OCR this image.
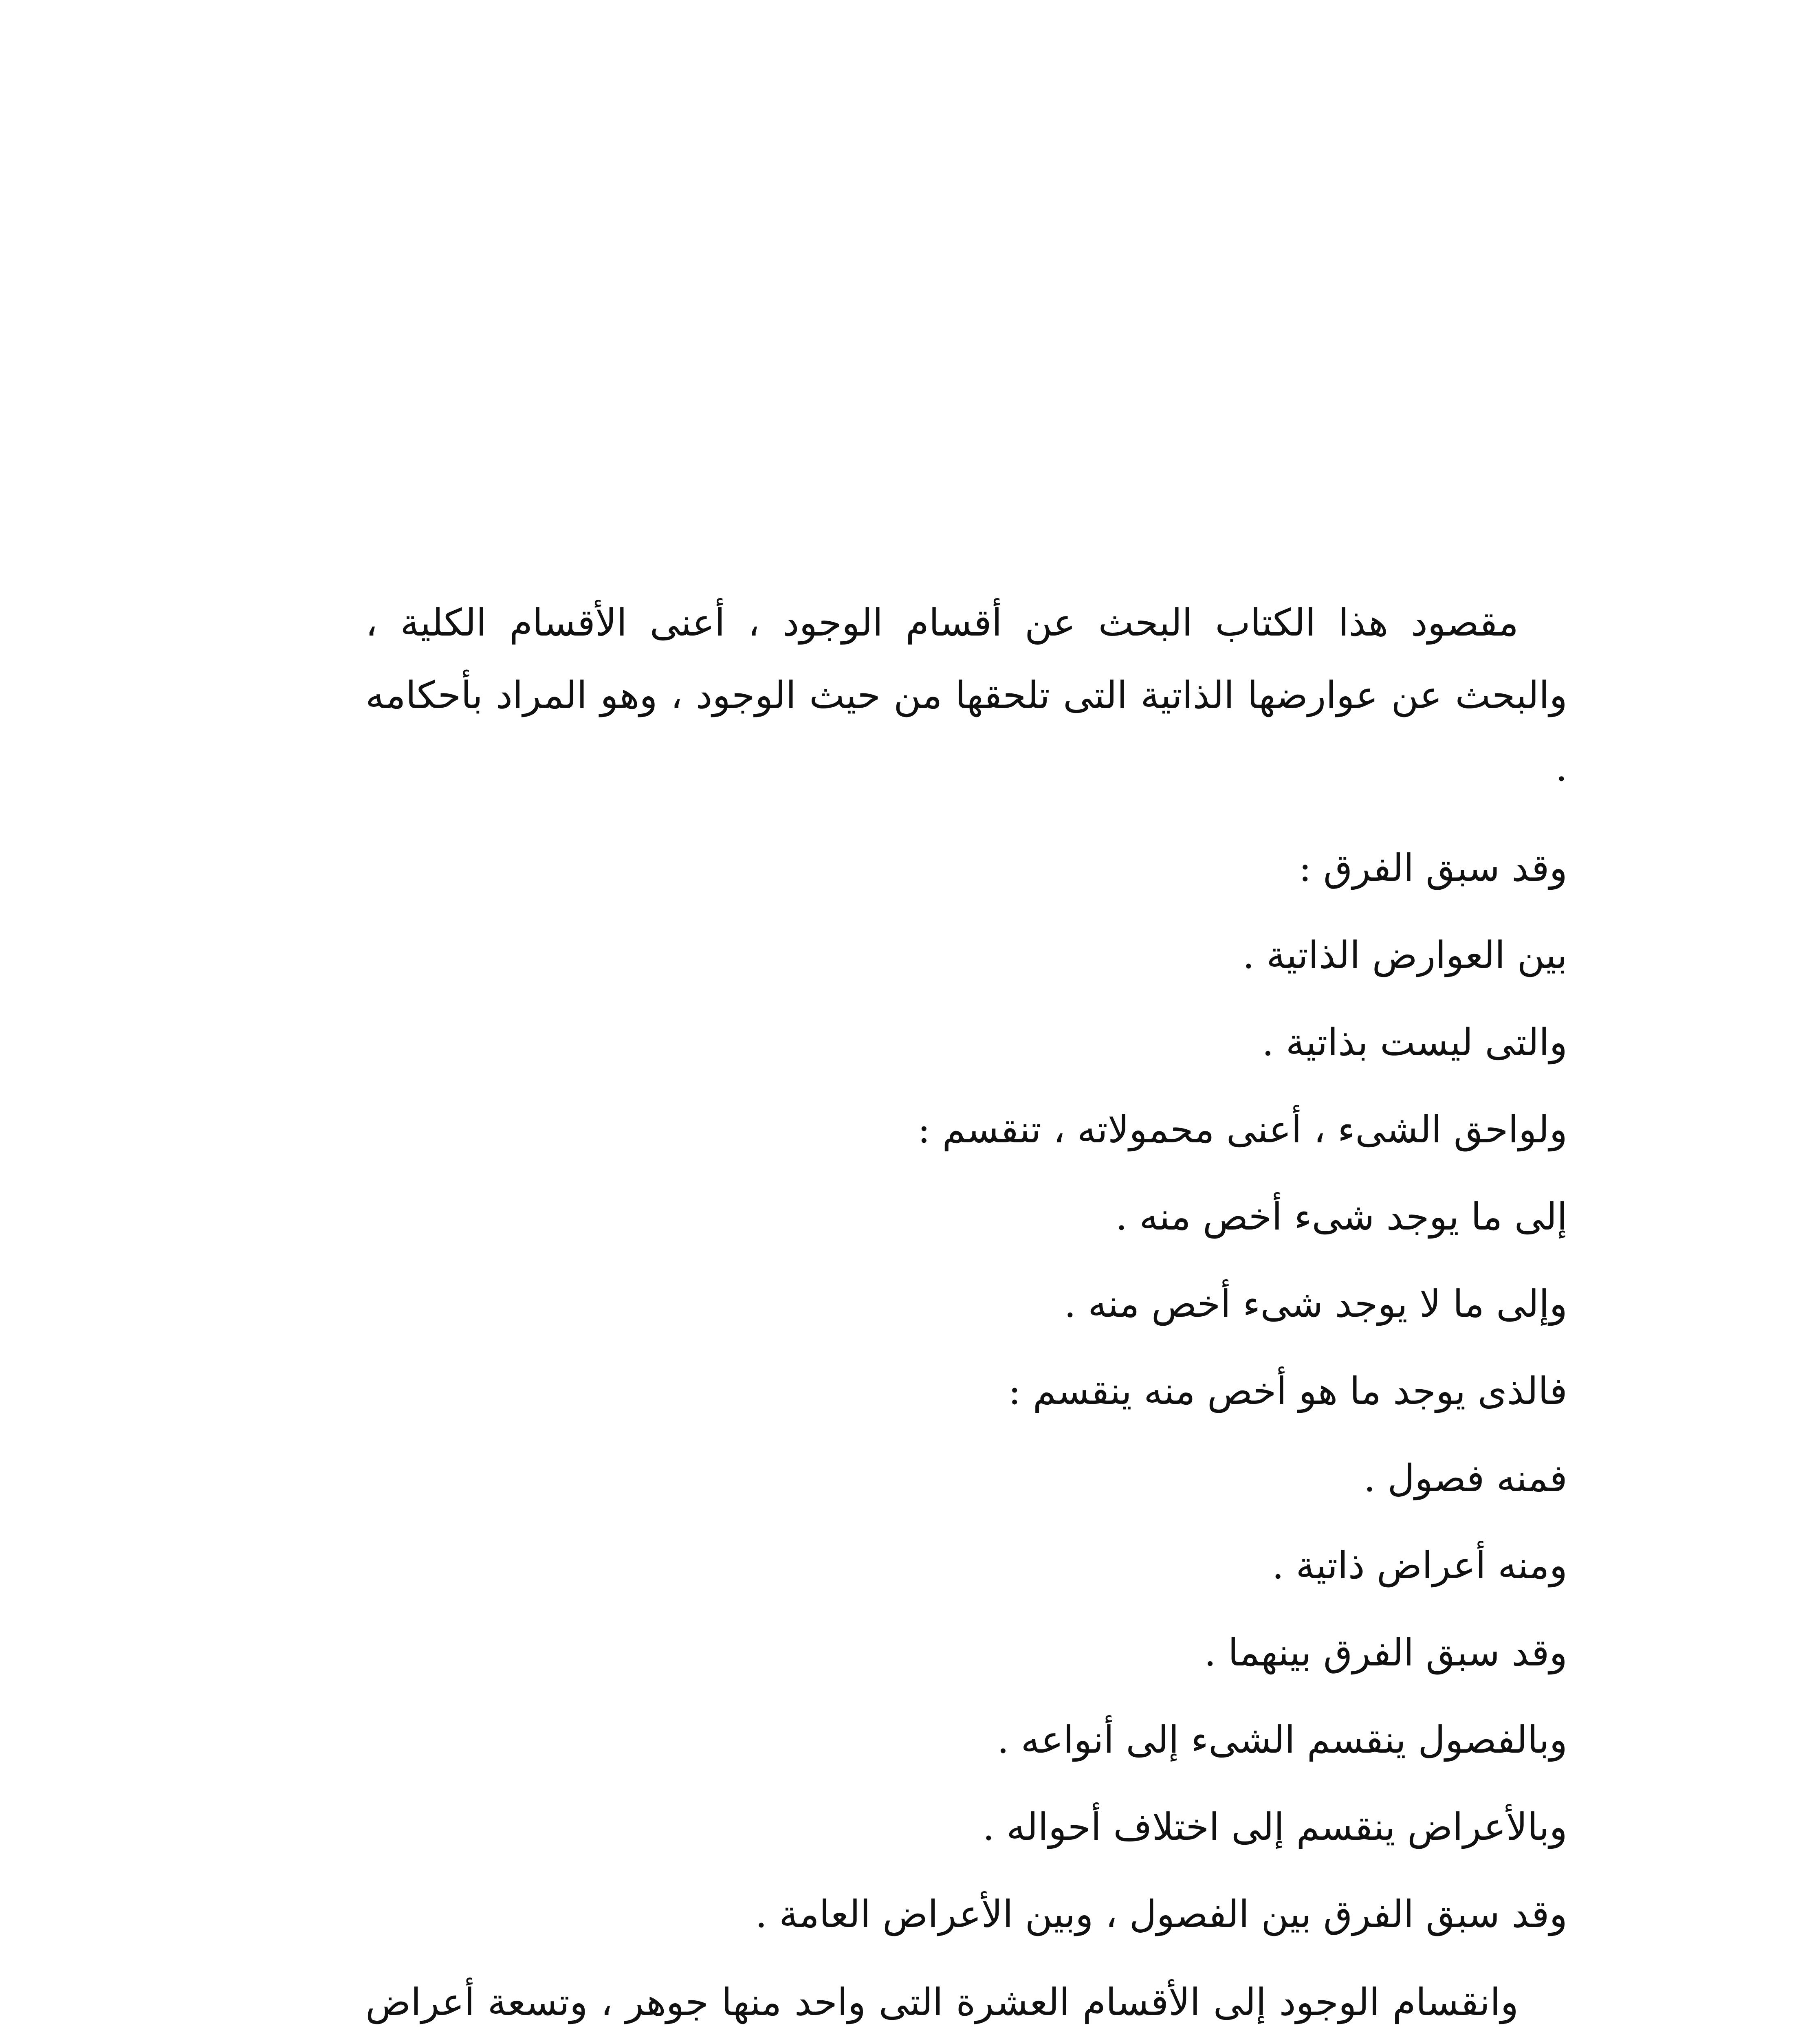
مقصود هذا الكتاب البحث عن أقسام الوجود ، أعنى الأقسام الكلية ، والبحث عن عوارضها الذاتية التى تلحقها من حيث الوجود ، وهو المراد بأحكامه .

وقد سبق الفرق :

بين العوارض الذاتية .

والتى ليست بذاتية .

ولواحق الشىء ، أعنى محمولاته ، تنقسم :

إلى ما يوجد شىء أخص منه .

وإلى ما لا يوجد شىء أخص منه .

فالذى يوجد ما هو أخص منه ينقسم :

فمنه فصول .

ومنه أعراض ذاتية .

وقد سبق الفرق بينهما .

وبالفصول ينقسم الشىء إلى أنواعه .

وبالأعراض ينقسم إلى اختلاف أحواله .

وقد سبق الفرق بين الفصول ، وبين الأعراض العامة .

وانقسام الوجود إلى الأقسام العشرة التى واحد منها جوهر ، وتسعة أعراض
